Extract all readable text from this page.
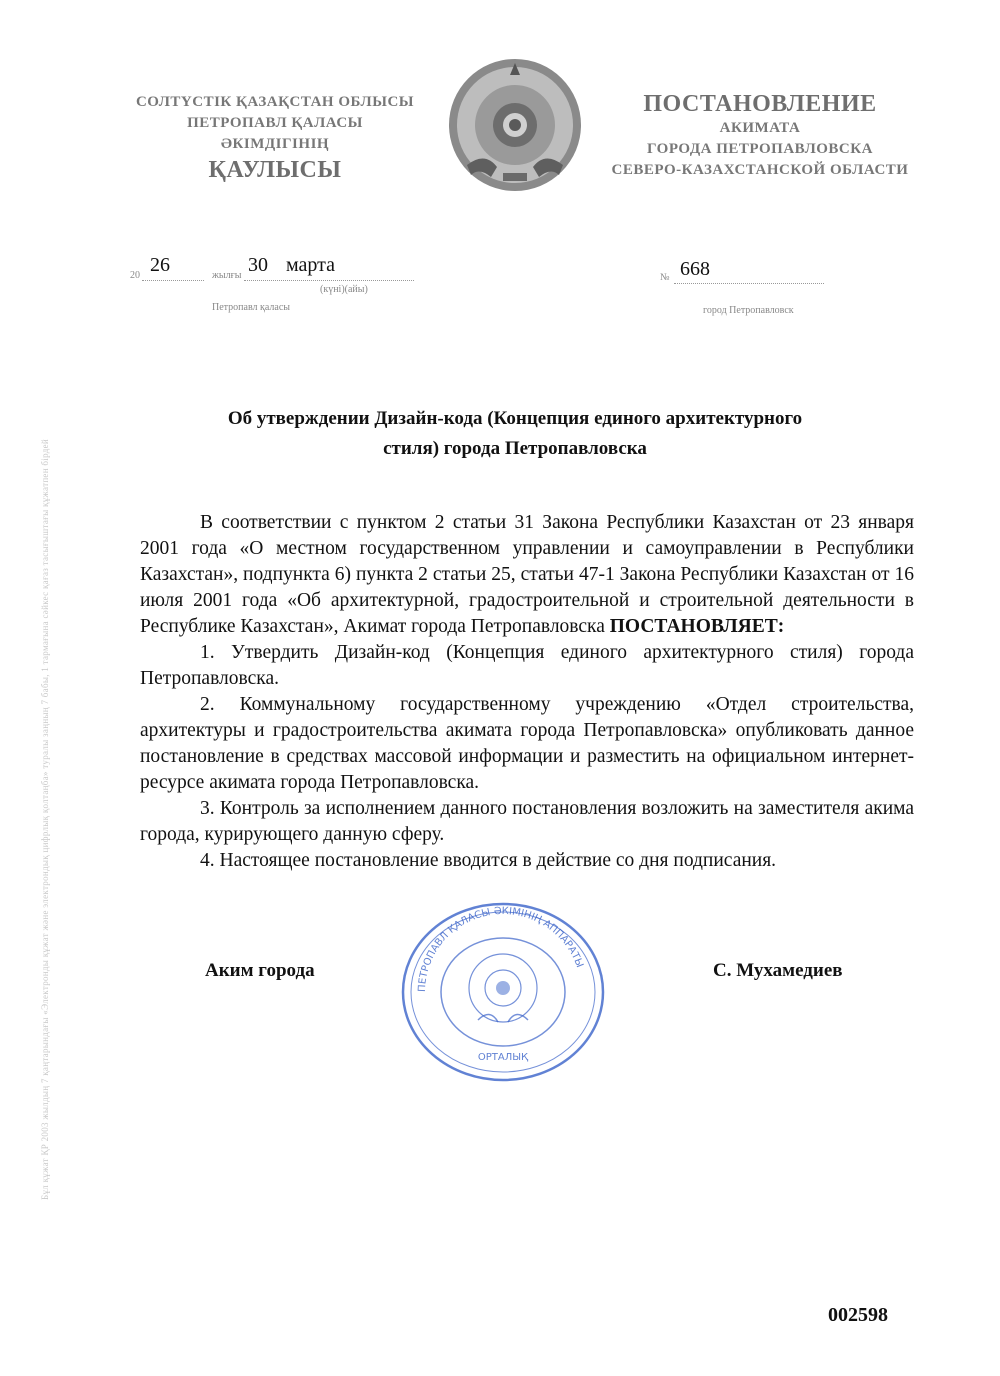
СОЛТҮСТІК ҚАЗАҚСТАН ОБЛЫСЫ
ПЕТРОПАВЛ ҚАЛАСЫ
ӘКІМДІГІНІҢ
ҚАУЛЫСЫ
ПОСТАНОВЛЕНИЕ
АКИМАТА
ГОРОДА ПЕТРОПАВЛОВСКА
СЕВЕРО-КАЗАХСТАНСКОЙ ОБЛАСТИ
20 26	жылғы 30 марта
(күні)(айы)
Петропавл қаласы
№ 668
город Петропавловск
Об утверждении Дизайн-кода (Концепция единого архитектурного
стиля) города Петропавловска

В соответствии с пунктом 2 статьи 31 Закона Республики Казахстан от 23 января 2001 года «О местном государственном управлении и самоуправлении в Республики Казахстан», подпункта 6) пункта 2 статьи 25, статьи 47-1 Закона Республики Казахстан от 16 июля 2001 года «Об архитектурной, градостроительной и строительной деятельности в Республике Казахстан», Акимат города Петропавловска ПОСТАНОВЛЯЕТ:

1. Утвердить Дизайн-код (Концепция единого архитектурного стиля) города Петропавловска.

2. Коммунальному государственному учреждению «Отдел строительства, архитектуры и градостроительства акимата города Петропавловска» опубликовать данное постановление в средствах массовой информации и разместить на официальном интернет-ресурсе акимата города Петропавловска.

3. Контроль за исполнением данного постановления возложить на заместителя акима города, курирующего данную сферу.

4. Настоящее постановление вводится в действие со дня подписания.

ПЕТРОПАВЛ ҚАЛАСЫ ӘКІМІНІҢ АППАРАТЫ
ОРТАЛЫҚ
Аким города	С. Мухамедиев
Бұл құжат ҚР 2003 жылдың 7 қаңтарындағы «Электронды құжат және электрондық цифрлық қолтаңба» туралы заңның 7 бабы, 1 тармағына сәйкес қағаз тасығыштағы құжатпен бірдей
002598
